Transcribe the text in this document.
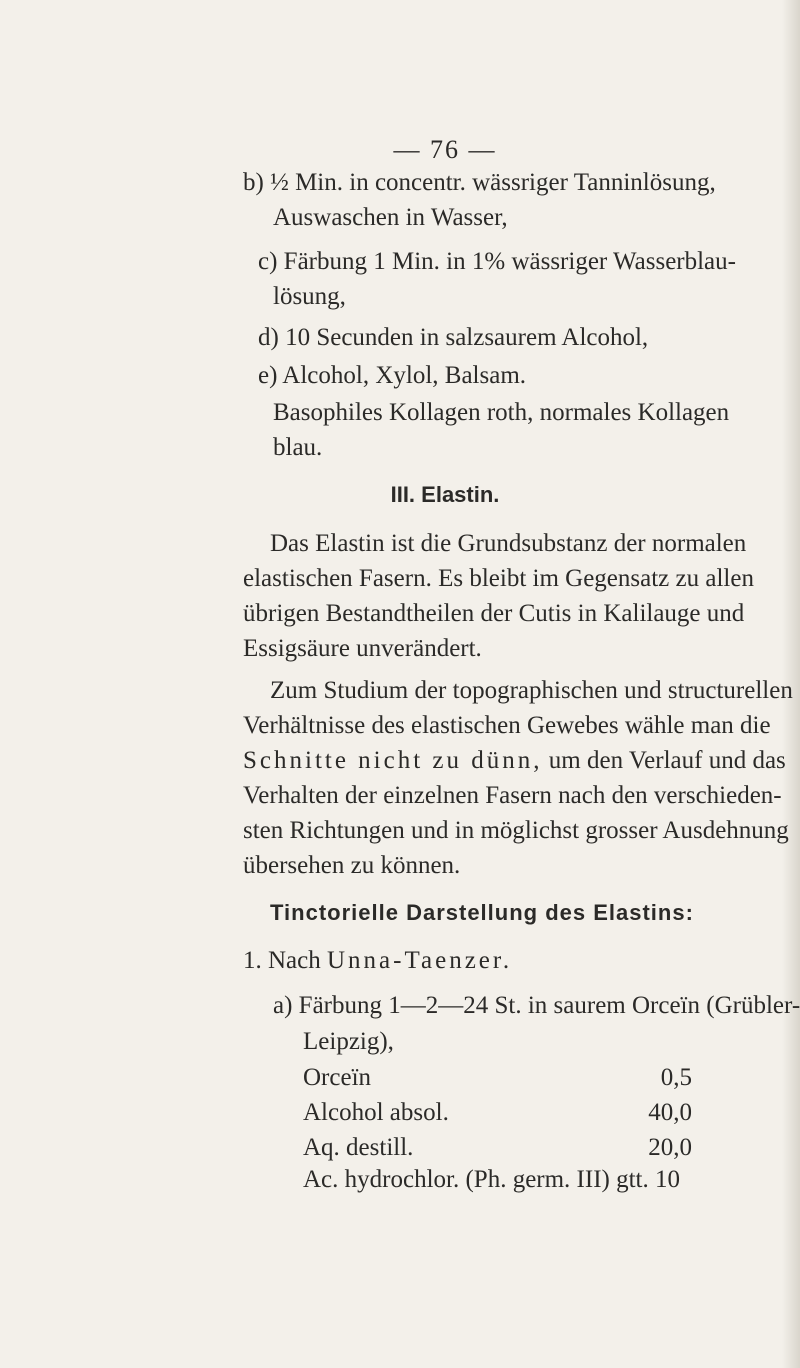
— 76 —
b) ½ Min. in concentr. wässriger Tanninlösung,
Auswaschen in Wasser,
c) Färbung 1 Min. in 1% wässriger Wasserblau-
lösung,
d) 10 Secunden in salzsaurem Alcohol,
e) Alcohol, Xylol, Balsam.
Basophiles Kollagen roth, normales Kollagen
blau.
III. Elastin.
Das Elastin ist die Grundsubstanz der normalen
elastischen Fasern. Es bleibt im Gegensatz zu allen
übrigen Bestandtheilen der Cutis in Kalilauge und
Essigsäure unverändert.
Zum Studium der topographischen und structurellen
Verhältnisse des elastischen Gewebes wähle man die
Schnitte nicht zu dünn, um den Verlauf und das
Verhalten der einzelnen Fasern nach den verschieden-
sten Richtungen und in möglichst grosser Ausdehnung
übersehen zu können.
Tinctorielle Darstellung des Elastins:
1. Nach Unna-Taenzer.
a) Färbung 1—2—24 St. in saurem Orceïn (Grübler-
Leipzig),
Orceïn	0,5
Alcohol absol.	40,0
Aq. destill.	20,0
Ac. hydrochlor. (Ph. germ. III) gtt. 10
